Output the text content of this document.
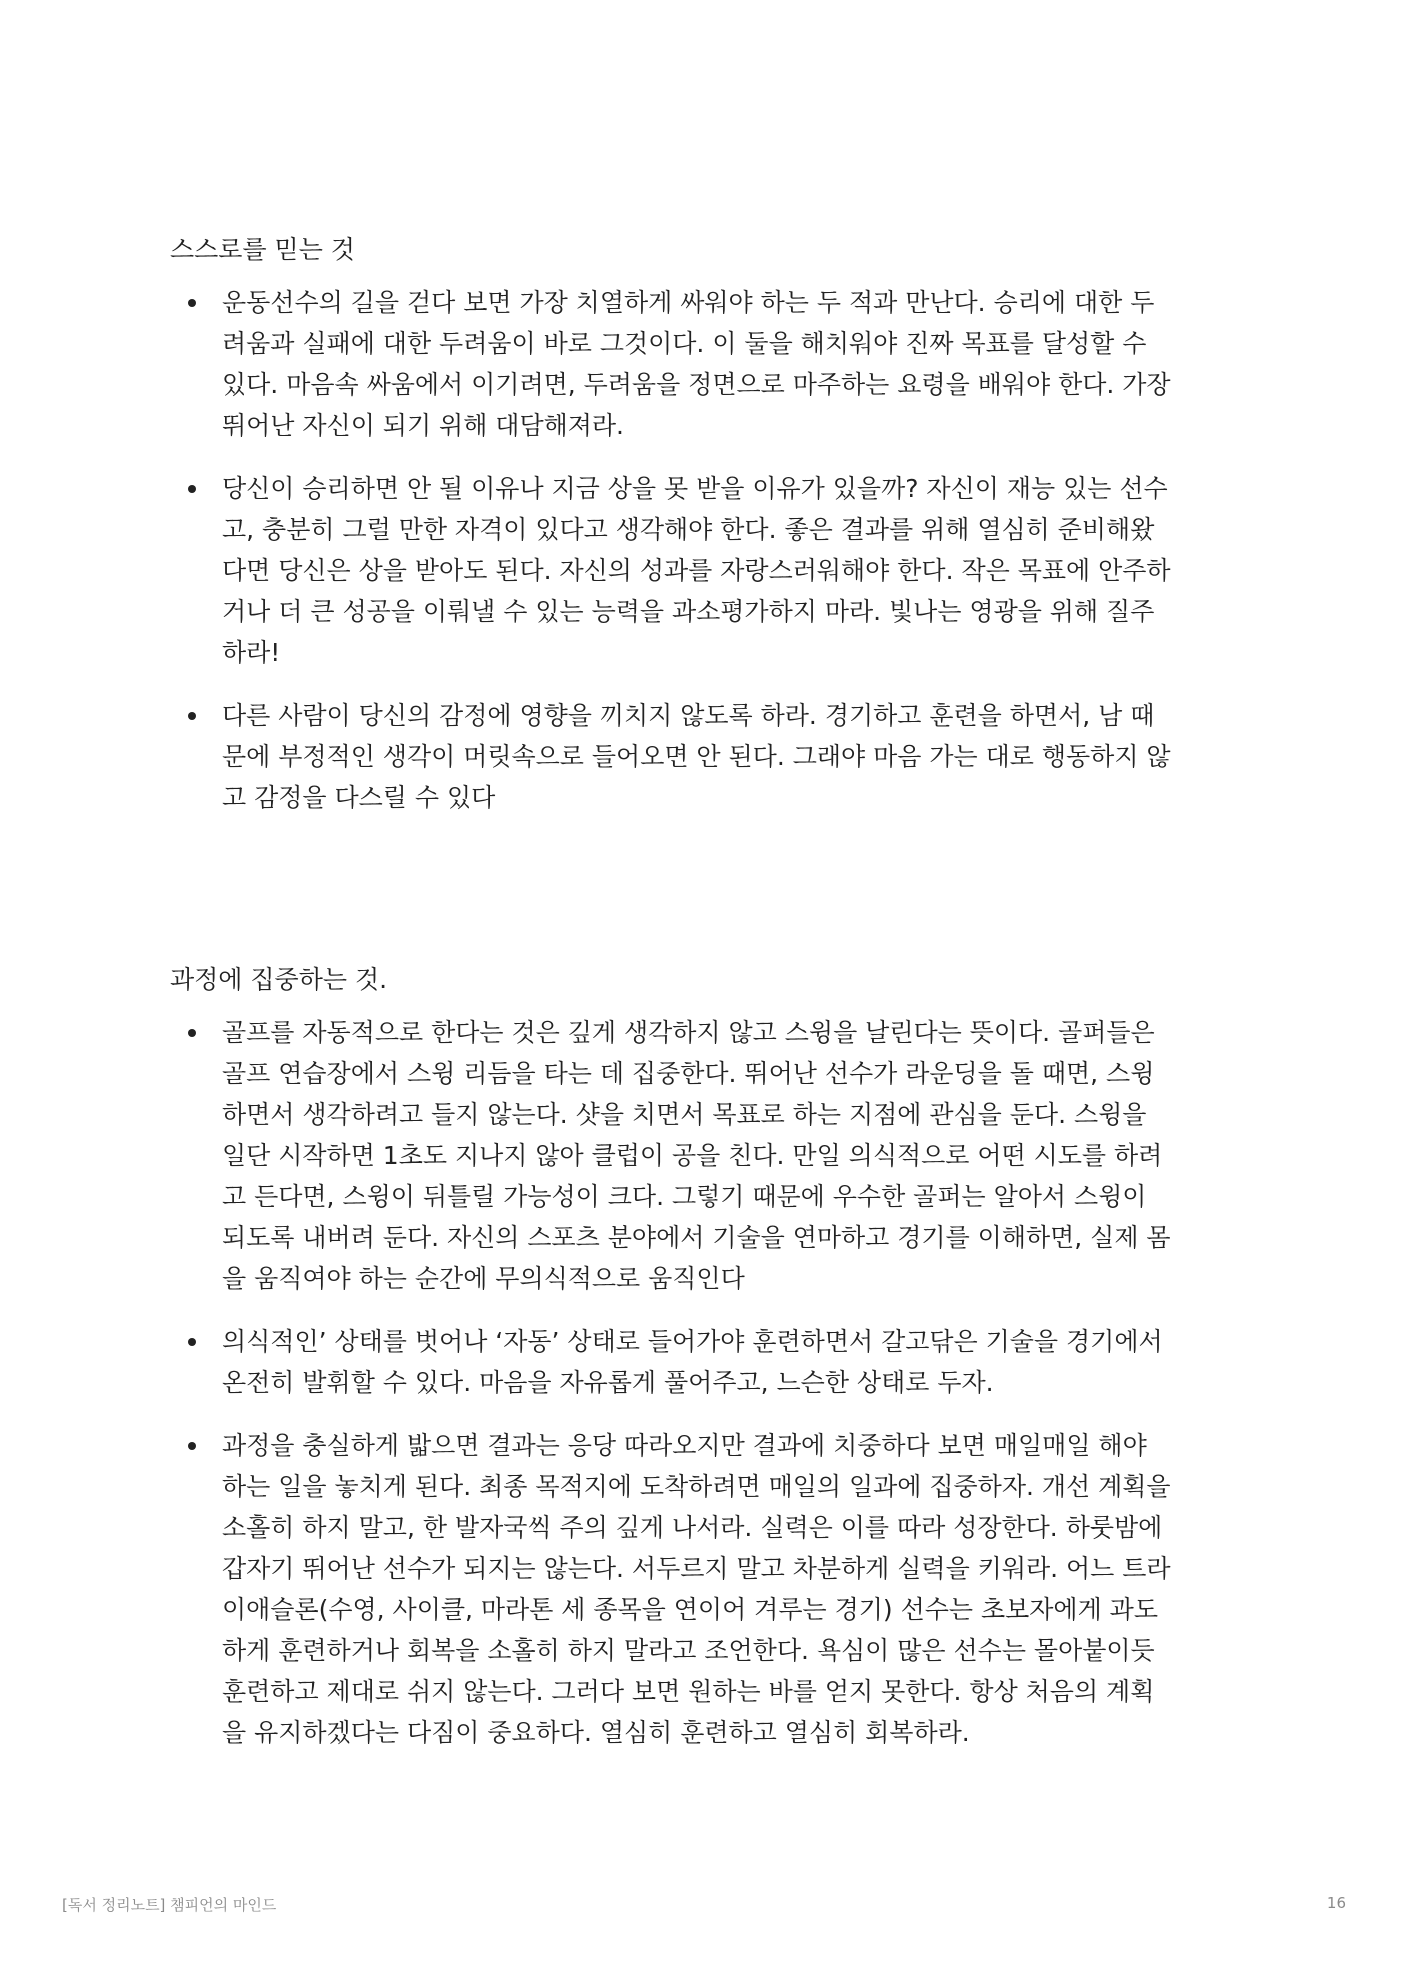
스스로를 믿는 것
운동선수의 길을 걷다 보면 가장 치열하게 싸워야 하는 두 적과 만난다. 승리에 대한 두
려움과 실패에 대한 두려움이 바로 그것이다. 이 둘을 해치워야 진짜 목표를 달성할 수
있다. 마음속 싸움에서 이기려면, 두려움을 정면으로 마주하는 요령을 배워야 한다. 가장
뛰어난 자신이 되기 위해 대담해져라.
당신이 승리하면 안 될 이유나 지금 상을 못 받을 이유가 있을까? 자신이 재능 있는 선수
고, 충분히 그럴 만한 자격이 있다고 생각해야 한다. 좋은 결과를 위해 열심히 준비해왔
다면 당신은 상을 받아도 된다. 자신의 성과를 자랑스러워해야 한다. 작은 목표에 안주하
거나 더 큰 성공을 이뤄낼 수 있는 능력을 과소평가하지 마라. 빛나는 영광을 위해 질주
하라!
다른 사람이 당신의 감정에 영향을 끼치지 않도록 하라. 경기하고 훈련을 하면서, 남 때
문에 부정적인 생각이 머릿속으로 들어오면 안 된다. 그래야 마음 가는 대로 행동하지 않
고 감정을 다스릴 수 있다
과정에 집중하는 것.
골프를 자동적으로 한다는 것은 깊게 생각하지 않고 스윙을 날린다는 뜻이다. 골퍼들은
골프 연습장에서 스윙 리듬을 타는 데 집중한다. 뛰어난 선수가 라운딩을 돌 때면, 스윙
하면서 생각하려고 들지 않는다. 샷을 치면서 목표로 하는 지점에 관심을 둔다. 스윙을
일단 시작하면 1초도 지나지 않아 클럽이 공을 친다. 만일 의식적으로 어떤 시도를 하려
고 든다면, 스윙이 뒤틀릴 가능성이 크다. 그렇기 때문에 우수한 골퍼는 알아서 스윙이
되도록 내버려 둔다. 자신의 스포츠 분야에서 기술을 연마하고 경기를 이해하면, 실제 몸
을 움직여야 하는 순간에 무의식적으로 움직인다
의식적인’ 상태를 벗어나 ‘자동’ 상태로 들어가야 훈련하면서 갈고닦은 기술을 경기에서
온전히 발휘할 수 있다. 마음을 자유롭게 풀어주고, 느슨한 상태로 두자.
과정을 충실하게 밟으면 결과는 응당 따라오지만 결과에 치중하다 보면 매일매일 해야
하는 일을 놓치게 된다. 최종 목적지에 도착하려면 매일의 일과에 집중하자. 개선 계획을
소홀히 하지 말고, 한 발자국씩 주의 깊게 나서라. 실력은 이를 따라 성장한다. 하룻밤에
갑자기 뛰어난 선수가 되지는 않는다. 서두르지 말고 차분하게 실력을 키워라. 어느 트라
이애슬론(수영, 사이클, 마라톤 세 종목을 연이어 겨루는 경기) 선수는 초보자에게 과도
하게 훈련하거나 회복을 소홀히 하지 말라고 조언한다. 욕심이 많은 선수는 몰아붙이듯
훈련하고 제대로 쉬지 않는다. 그러다 보면 원하는 바를 얻지 못한다. 항상 처음의 계획
을 유지하겠다는 다짐이 중요하다. 열심히 훈련하고 열심히 회복하라.
[독서 정리노트] 챔피언의 마인드	16
